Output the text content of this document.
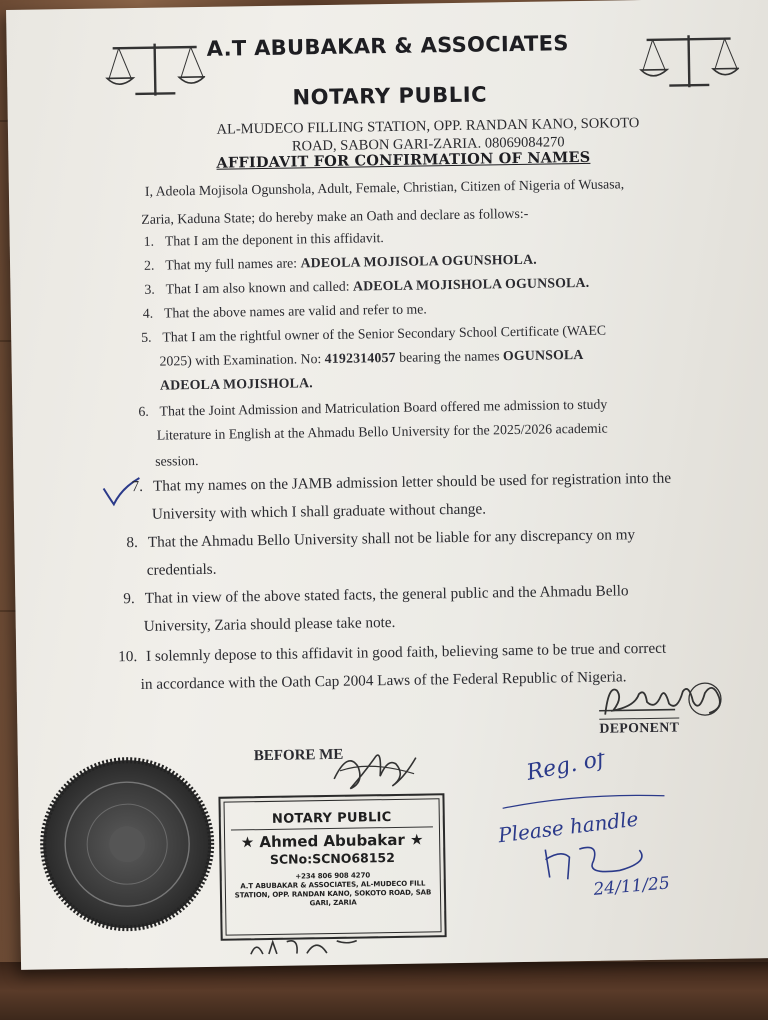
A.T ABUBAKAR & ASSOCIATES
NOTARY PUBLIC
AL-MUDECO FILLING STATION, OPP. RANDAN KANO, SOKOTO
ROAD, SABON GARI-ZARIA. 08069084270
AFFIDAVIT FOR CONFIRMATION OF NAMES
I, Adeola Mojisola Ogunshola, Adult, Female, Christian, Citizen of Nigeria of Wusasa,
Zaria, Kaduna State; do hereby make an Oath and declare as follows:-
1. That I am the deponent in this affidavit.
2. That my full names are: ADEOLA MOJISOLA OGUNSHOLA.
3. That I am also known and called: ADEOLA MOJISHOLA OGUNSOLA.
4. That the above names are valid and refer to me.
5. That I am the rightful owner of the Senior Secondary School Certificate (WAEC
2025) with Examination. No: 4192314057 bearing the names OGUNSOLA
ADEOLA MOJISHOLA.
6. That the Joint Admission and Matriculation Board offered me admission to study
Literature in English at the Ahmadu Bello University for the 2025/2026 academic
session.
7. That my names on the JAMB admission letter should be used for registration into the
University with which I shall graduate without change.
8. That the Ahmadu Bello University shall not be liable for any discrepancy on my
credentials.
9. That in view of the above stated facts, the general public and the Ahmadu Bello
University, Zaria should please take note.
10. I solemnly depose to this affidavit in good faith, believing same to be true and correct
in accordance with the Oath Cap 2004 Laws of the Federal Republic of Nigeria.
DEPONENT
BEFORE ME
NOTARY PUBLIC
★ Ahmed Abubakar ★
SCNo:SCNO68152
+234 806 908 4270
A.T ABUBAKAR & ASSOCIATES, AL-MUDECO FILL
STATION, OPP. RANDAN KANO, SOKOTO ROAD, SAB
GARI, ZARIA
Reg. of
Please handle
24/11/25
